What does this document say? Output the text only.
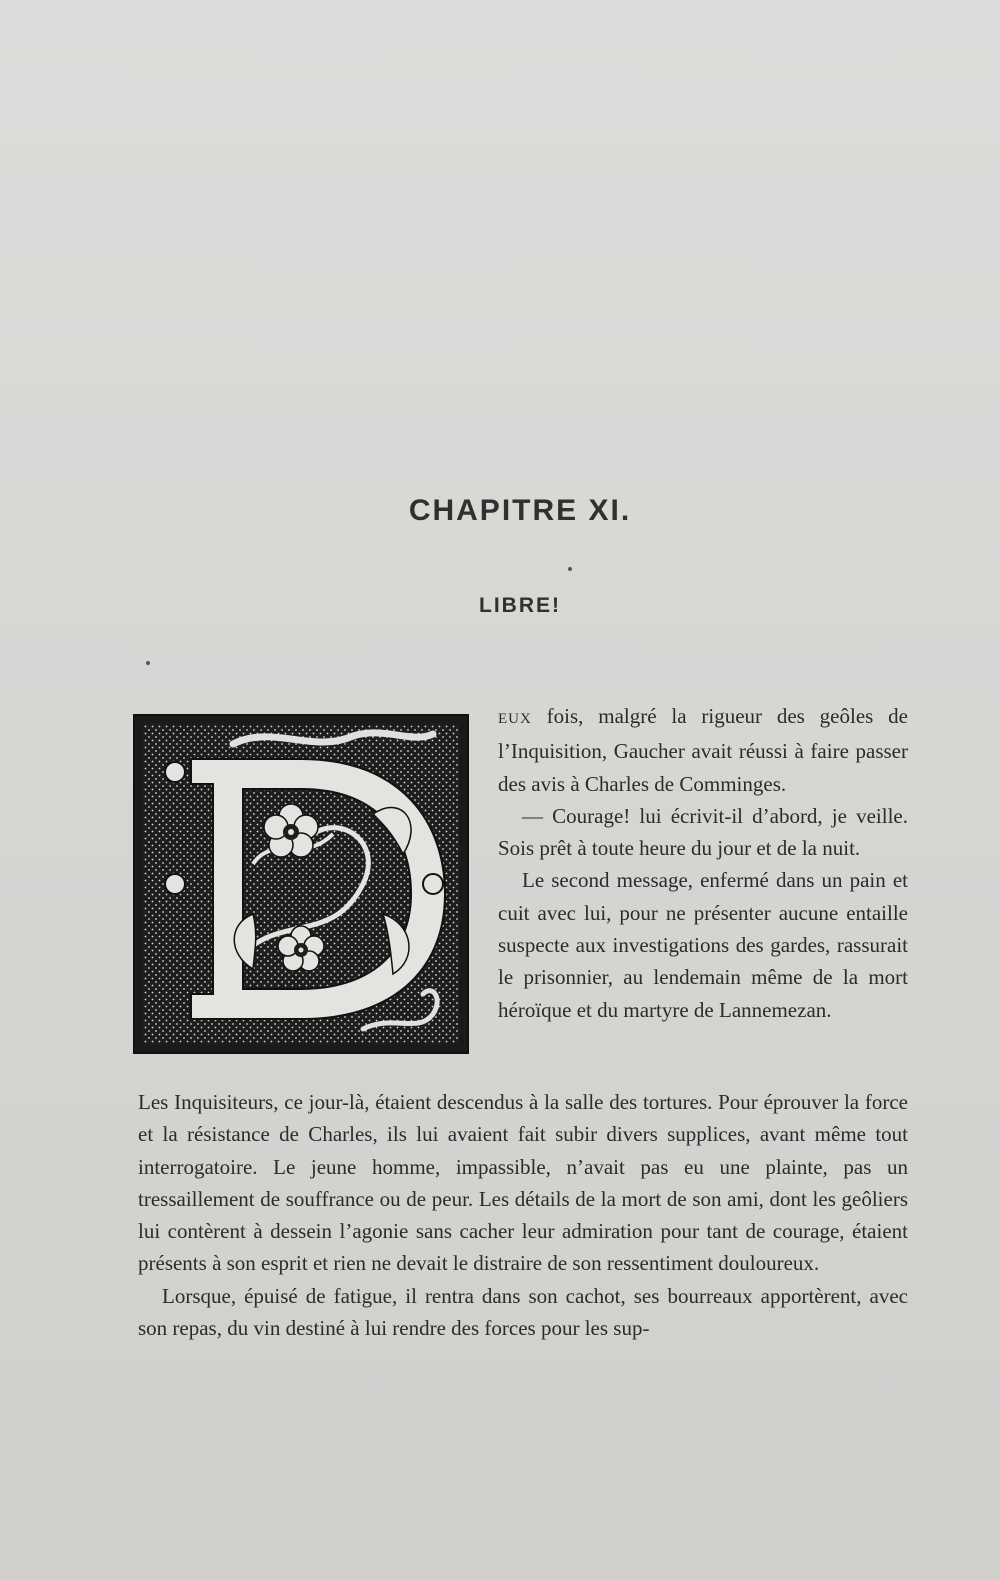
CHAPITRE XI.
LIBRE!

EUX fois, malgré la rigueur des geôles de l’Inquisition, Gaucher avait réussi à faire passer des avis à Charles de Comminges.

— Courage! lui écrivit-il d’abord, je veille. Sois prêt à toute heure du jour et de la nuit.

Le second message, enfermé dans un pain et cuit avec lui, pour ne présenter aucune entaille suspecte aux investigations des gardes, rassurait le prisonnier, au lendemain même de la mort héroïque et du martyre de Lannemezan.

Les Inquisiteurs, ce jour-là, étaient descendus à la salle des tortures. Pour éprouver la force et la résistance de Charles, ils lui avaient fait subir divers supplices, avant même tout interrogatoire. Le jeune homme, impassible, n’avait pas eu une plainte, pas un tressaillement de souffrance ou de peur. Les détails de la mort de son ami, dont les geôliers lui contèrent à dessein l’agonie sans cacher leur admiration pour tant de courage, étaient présents à son esprit et rien ne devait le distraire de son ressentiment douloureux.

Lorsque, épuisé de fatigue, il rentra dans son cachot, ses bourreaux apportèrent, avec son repas, du vin destiné à lui rendre des forces pour les sup-
